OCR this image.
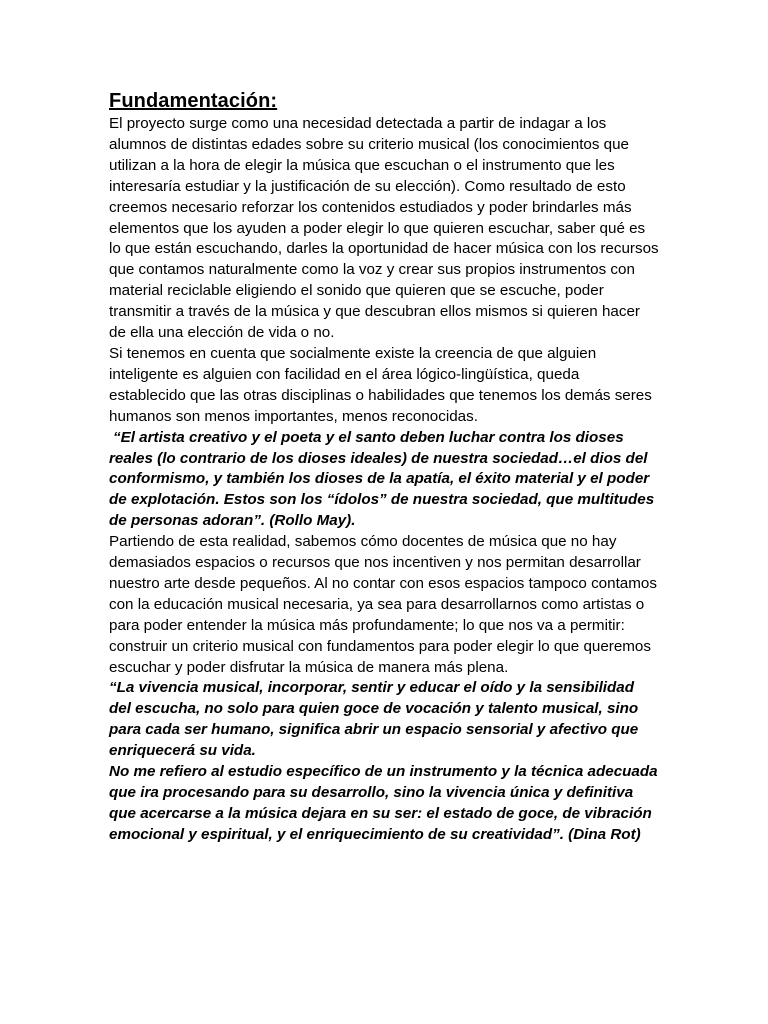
Fundamentación:

El proyecto surge como una necesidad detectada a partir de indagar a los alumnos de distintas edades sobre su criterio musical (los conocimientos que utilizan a la hora de elegir la música que escuchan o el instrumento que les interesaría estudiar y la justificación de su elección). Como resultado de esto creemos necesario reforzar los contenidos estudiados y poder brindarles más elementos que los ayuden a poder elegir lo que quieren escuchar, saber qué es lo que están escuchando, darles la oportunidad de hacer música con los recursos que contamos naturalmente como la voz y crear sus propios instrumentos con material reciclable eligiendo el sonido que quieren que se escuche, poder transmitir a través de la música y que descubran ellos mismos si quieren hacer de ella una elección de vida o no.

Si tenemos en cuenta que socialmente existe la creencia de que alguien inteligente es alguien con facilidad en el área lógico-lingüística, queda establecido que las otras disciplinas o habilidades que tenemos los demás seres humanos son menos importantes, menos reconocidas.

“El artista creativo y el poeta y el santo deben luchar contra los dioses reales (lo contrario de los dioses ideales) de nuestra sociedad…el dios del conformismo, y también los dioses de la apatía, el éxito material y el poder de explotación. Estos son los “ídolos” de nuestra sociedad, que multitudes de personas adoran”. (Rollo May).

Partiendo de esta realidad, sabemos cómo docentes de música que no hay demasiados espacios o recursos que nos incentiven y nos permitan desarrollar nuestro arte desde pequeños. Al no contar con esos espacios tampoco contamos con la educación musical necesaria, ya sea para desarrollarnos como artistas o para poder entender la música más profundamente; lo que nos va a permitir: construir un criterio musical con fundamentos para poder elegir lo que queremos escuchar y poder disfrutar la música de manera más plena.

“La vivencia musical, incorporar, sentir y educar el oído y la sensibilidad del escucha, no solo para quien goce de vocación y talento musical, sino para cada ser humano, significa abrir un espacio sensorial y afectivo que enriquecerá su vida.

No me refiero al estudio específico de un instrumento y la técnica adecuada que ira procesando para su desarrollo, sino la vivencia única y definitiva que acercarse a la música dejara en su ser: el estado de goce, de vibración emocional y espiritual, y el enriquecimiento de su creatividad”. (Dina Rot)
